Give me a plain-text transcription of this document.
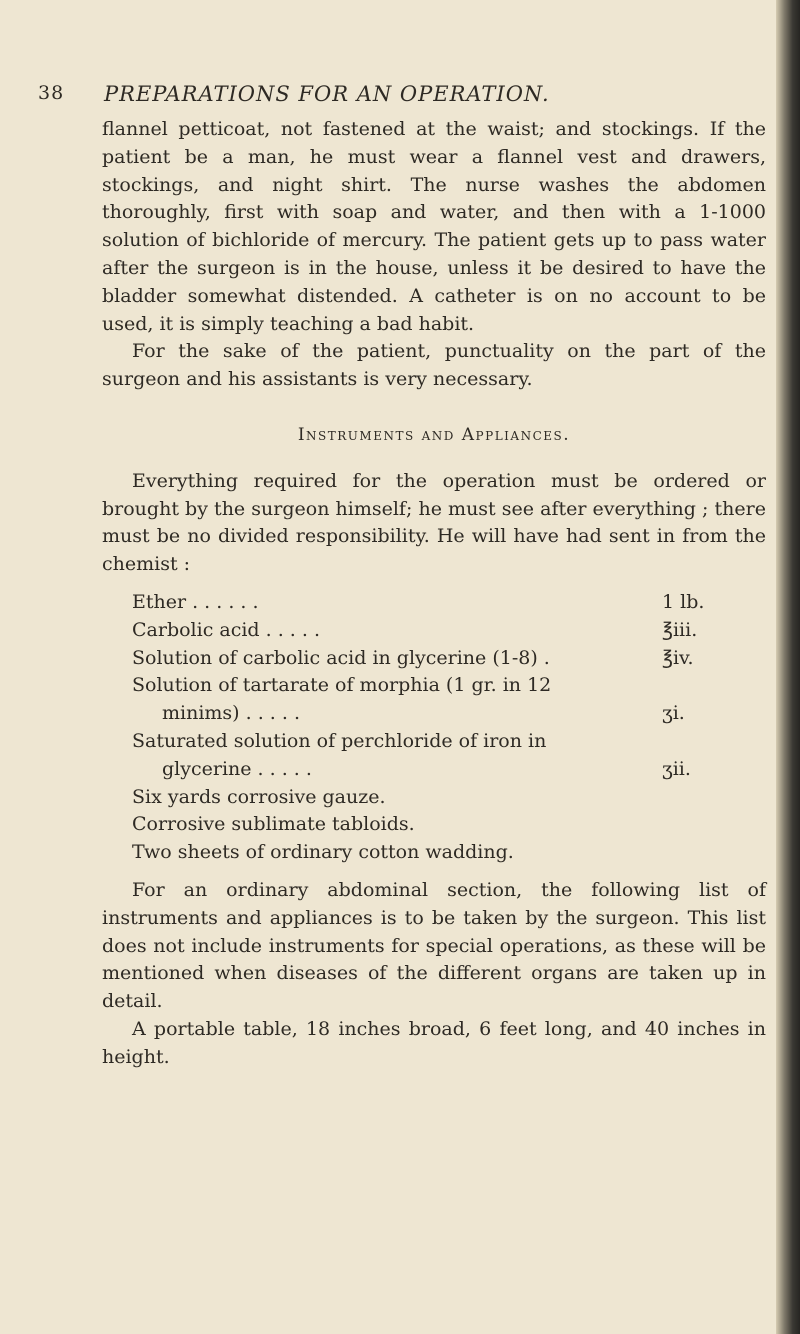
38 PREPARATIONS FOR AN OPERATION.

flannel petticoat, not fastened at the waist; and stockings. If the patient be a man, he must wear a flannel vest and drawers, stockings, and night shirt. The nurse washes the abdomen thoroughly, first with soap and water, and then with a 1-1000 solution of bichloride of mercury. The patient gets up to pass water after the surgeon is in the house, unless it be desired to have the bladder somewhat distended. A catheter is on no account to be used, it is simply teaching a bad habit.

For the sake of the patient, punctuality on the part of the surgeon and his assistants is very necessary.

Instruments and Appliances.

Everything required for the operation must be ordered or brought by the surgeon himself; he must see after everything ; there must be no divided responsibility. He will have had sent in from the chemist :

Ether . . . . . .	1 lb.
Carbolic acid . . . . .	℥iii.
Solution of carbolic acid in glycerine (1-8) .	℥iv.
Solution of tartarate of morphia (1 gr. in 12
minims) . . . . .	ʒi.
Saturated solution of perchloride of iron in
glycerine . . . . .	ʒii.
Six yards corrosive gauze.
Corrosive sublimate tabloids.
Two sheets of ordinary cotton wadding.

For an ordinary abdominal section, the following list of instruments and appliances is to be taken by the surgeon. This list does not include instruments for special operations, as these will be mentioned when diseases of the different organs are taken up in detail.

A portable table, 18 inches broad, 6 feet long, and 40 inches in height.
